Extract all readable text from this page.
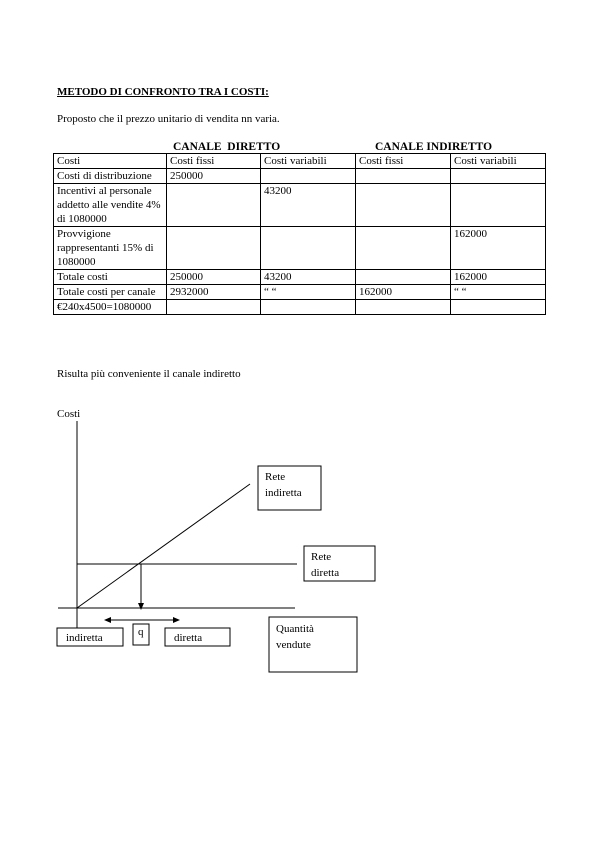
METODO DI CONFRONTO TRA I COSTI:
Proposto che il prezzo unitario di vendita nn varia.
CANALE  DIRETTO	CANALE INDIRETTO
Costi	Costi fissi	Costi variabili	Costi fissi	Costi variabili
Costi di distribuzione	250000			
Incentivi al personale addetto alle vendite 4% di 1080000		43200		
Provvigione rappresentanti 15% di 1080000				162000
Totale costi	250000	43200		162000
Totale costi per canale	2932000	“ “	162000	“ “
€240x4500=1080000				
Risulta più conveniente il canale indiretto
Costi
Rete
indiretta
Rete
diretta
Quantità
vendute
indiretta	q	diretta
